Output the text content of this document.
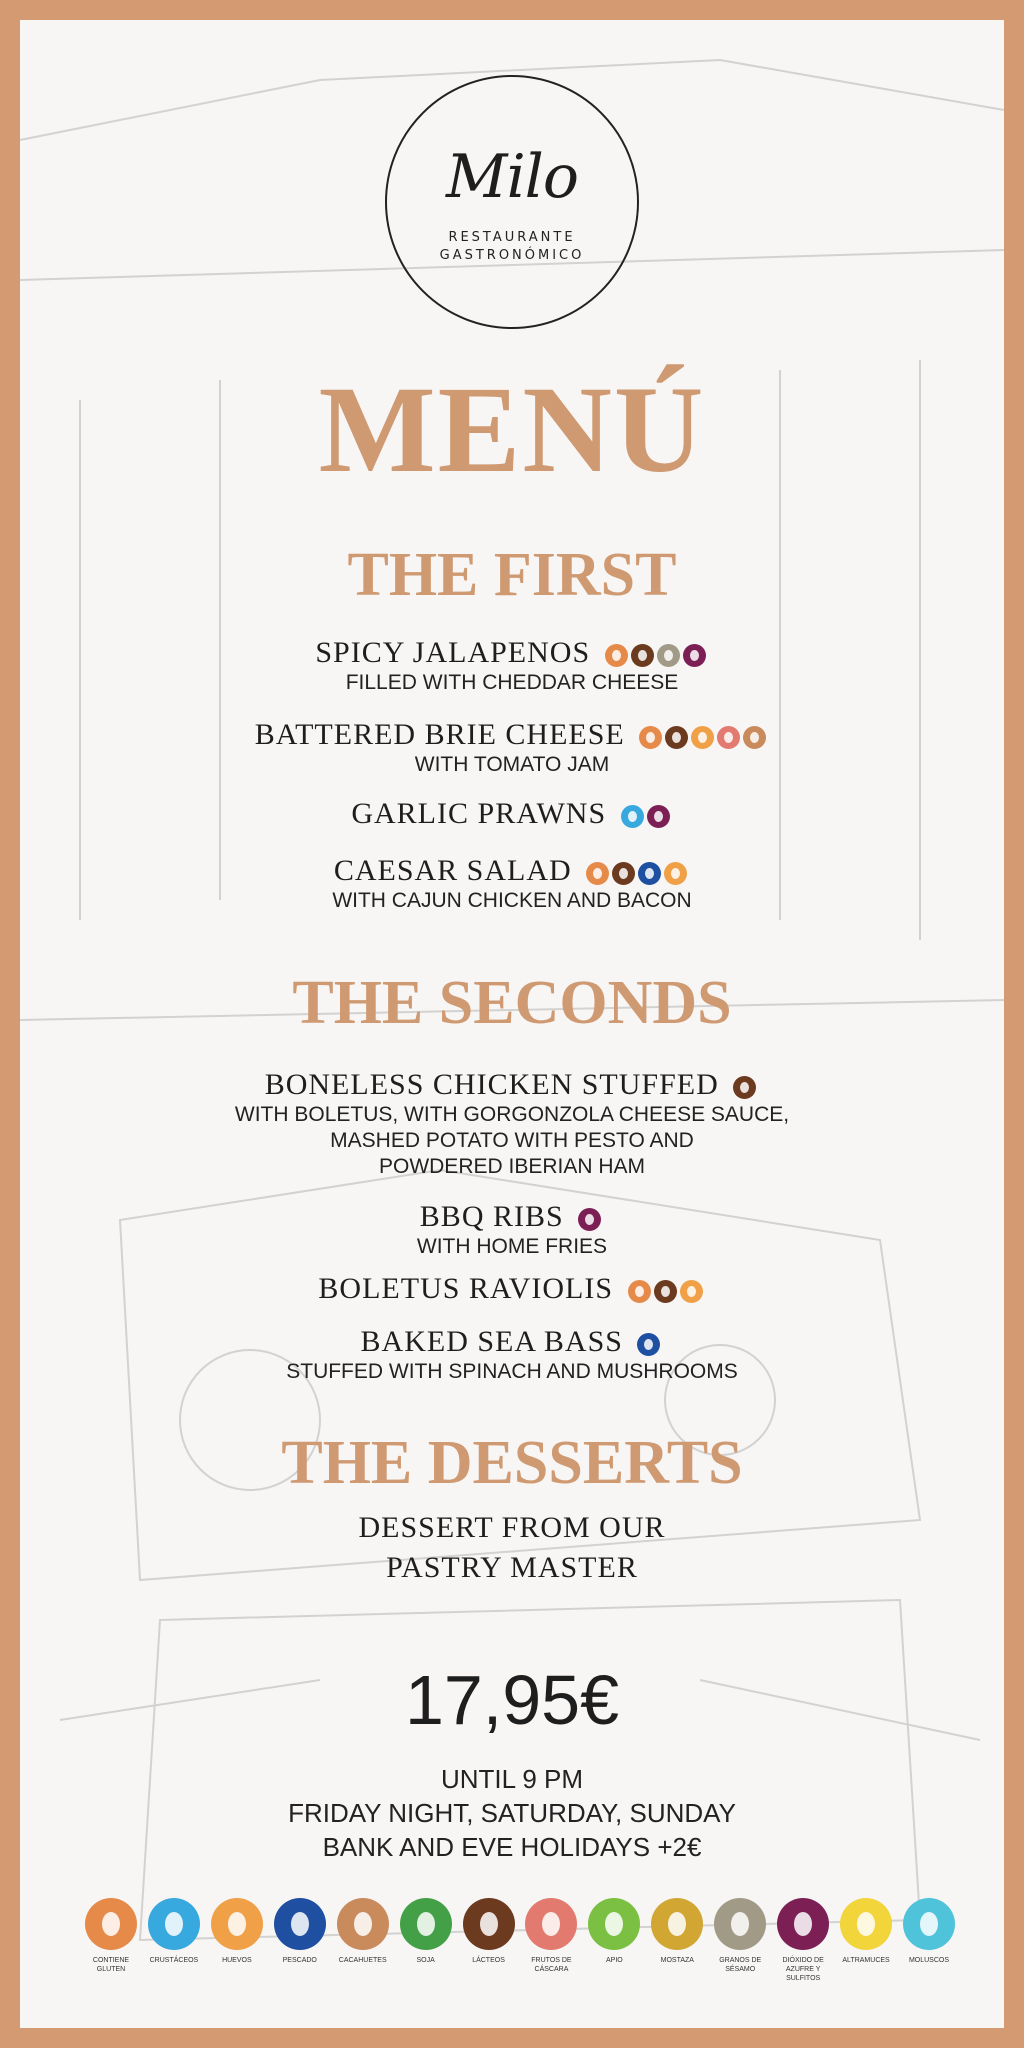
Milo
RESTAURANTE
GASTRONÓMICO
MENÚ
THE FIRST
SPICY JALAPENOS
FILLED WITH CHEDDAR CHEESE
BATTERED BRIE CHEESE
WITH TOMATO JAM
GARLIC PRAWNS
CAESAR SALAD
WITH CAJUN CHICKEN AND BACON
THE SECONDS
BONELESS CHICKEN STUFFED
WITH BOLETUS, WITH GORGONZOLA CHEESE SAUCE,
MASHED POTATO WITH PESTO AND
POWDERED IBERIAN HAM
BBQ RIBS
WITH HOME FRIES
BOLETUS RAVIOLIS
BAKED SEA BASS
STUFFED WITH SPINACH AND MUSHROOMS
THE DESSERTS
DESSERT FROM OUR
PASTRY MASTER
17,95€
UNTIL 9 PM
FRIDAY NIGHT, SATURDAY, SUNDAY
BANK AND EVE HOLIDAYS +2€
CONTIENE GLUTEN
CRUSTÁCEOS	HUEVOS	PESCADO	CACAHUETES	SOJA	LÁCTEOS	FRUTOS DE CÁSCARA
APIO	MOSTAZA	GRANOS DE SÉSAMO
DIÓXIDO DE AZUFRE Y SULFITOS
ALTRAMUCES	MOLUSCOS
